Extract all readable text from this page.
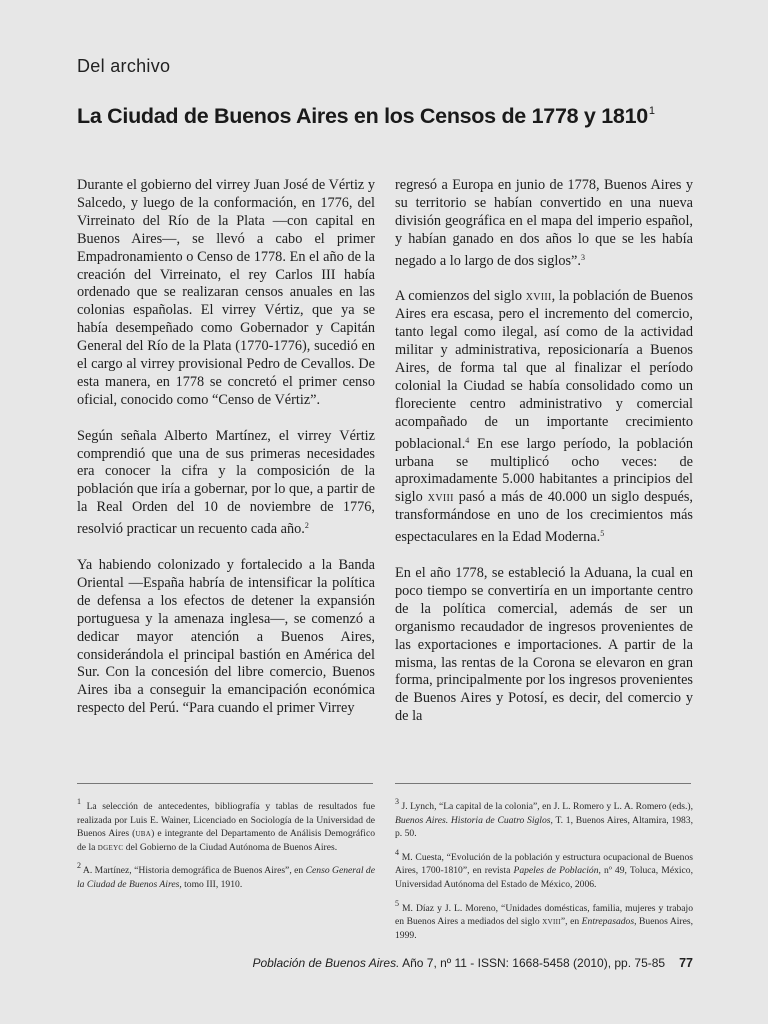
Del archivo
La Ciudad de Buenos Aires en los Censos de 1778 y 1810$^1$

Durante el gobierno del virrey Juan José de Vértiz y Salcedo, y luego de la conformación, en 1776, del Virreinato del Río de la Plata —con capital en Buenos Aires—, se llevó a cabo el primer Empadronamiento o Censo de 1778. En el año de la creación del Virreinato, el rey Carlos III había ordenado que se realizaran censos anuales en las colonias españolas. El virrey Vértiz, que ya se había desempeñado como Gobernador y Capitán General del Río de la Plata (1770-1776), sucedió en el cargo al virrey provisional Pedro de Cevallos. De esta manera, en 1778 se concretó el primer censo oficial, conocido como “Censo de Vértiz”.

Según señala Alberto Martínez, el virrey Vértiz comprendió que una de sus primeras necesidades era conocer la cifra y la composición de la población que iría a gobernar, por lo que, a partir de la Real Orden del 10 de noviembre de 1776, resolvió practicar un recuento cada año.$^2$

Ya habiendo colonizado y fortalecido a la Banda Oriental —España habría de intensificar la política de defensa a los efectos de detener la expansión portuguesa y la amenaza inglesa—, se comenzó a dedicar mayor atención a Buenos Aires, considerándola el principal bastión en América del Sur. Con la concesión del libre comercio, Buenos Aires iba a conseguir la emancipación económica respecto del Perú. “Para cuando el primer Virrey

regresó a Europa en junio de 1778, Buenos Aires y su territorio se habían convertido en una nueva división geográfica en el mapa del imperio español, y habían ganado en dos años lo que se les había negado a lo largo de dos siglos”.$^3$

A comienzos del siglo xviii, la población de Buenos Aires era escasa, pero el incremento del comercio, tanto legal como ilegal, así como de la actividad militar y administrativa, reposicionaría a Buenos Aires, de forma tal que al finalizar el período colonial la Ciudad se había consolidado como un floreciente centro administrativo y comercial acompañado de un importante crecimiento poblacional.$^4$ En ese largo período, la población urbana se multiplicó ocho veces: de aproximadamente 5.000 habitantes a principios del siglo xviii pasó a más de 40.000 un siglo después, transformándose en uno de los crecimientos más espectaculares en la Edad Moderna.$^5$

En el año 1778, se estableció la Aduana, la cual en poco tiempo se convertiría en un importante centro de la política comercial, además de ser un organismo recaudador de ingresos provenientes de las exportaciones e importaciones. A partir de la misma, las rentas de la Corona se elevaron en gran forma, principalmente por los ingresos provenientes de Buenos Aires y Potosí, es decir, del comercio y de la

$^1$ La selección de antecedentes, bibliografía y tablas de resultados fue realizada por Luis E. Wainer, Licenciado en Sociología de la Universidad de Buenos Aires (uba) e integrante del Departamento de Análisis Demográfico de la dgeyc del Gobierno de la Ciudad Autónoma de Buenos Aires.

$^2$ A. Martínez, “Historia demográfica de Buenos Aires”, en Censo General de la Ciudad de Buenos Aires, tomo III, 1910.

$^3$ J. Lynch, “La capital de la colonia”, en J. L. Romero y L. A. Romero (eds.), Buenos Aires. Historia de Cuatro Siglos, T. 1, Buenos Aires, Altamira, 1983, p. 50.

$^4$ M. Cuesta, “Evolución de la población y estructura ocupacional de Buenos Aires, 1700-1810”, en revista Papeles de Población, nº 49, Toluca, México, Universidad Autónoma del Estado de México, 2006.

$^5$ M. Díaz y J. L. Moreno, “Unidades domésticas, familia, mujeres y trabajo en Buenos Aires a mediados del siglo xviii”, en Entrepasados, Buenos Aires, 1999.

Población de Buenos Aires. Año 7, nº 11 - ISSN: 1668-5458 (2010), pp. 75-85 77
